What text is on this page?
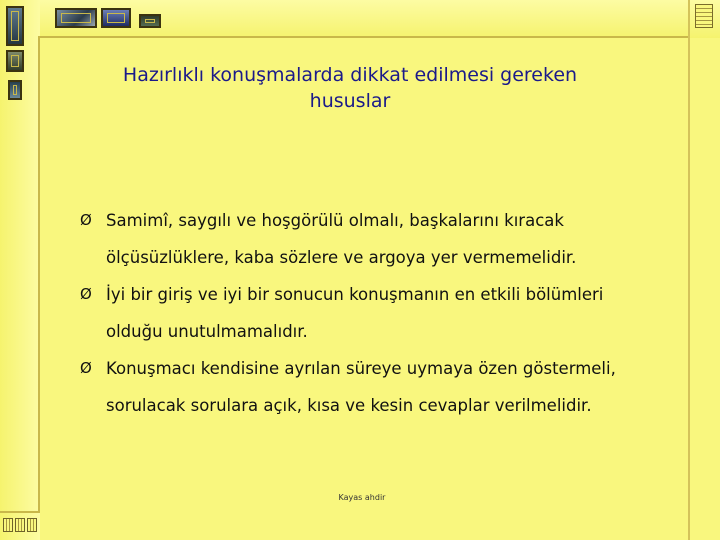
Hazırlıklı konuşmalarda dikkat edilmesi gereken
hususlar
Ø Samimî, saygılı ve hoşgörülü olmalı, başkalarını kıracak
ölçüsüzlüklere, kaba sözlere ve argoya yer vermemelidir.
Ø İyi bir giriş ve iyi bir sonucun konuşmanın en etkili bölümleri
olduğu unutulmamalıdır.
Ø Konuşmacı kendisine ayrılan süreye uymaya özen göstermeli,
sorulacak sorulara açık, kısa ve kesin cevaplar verilmelidir.
Kayas ahdir
